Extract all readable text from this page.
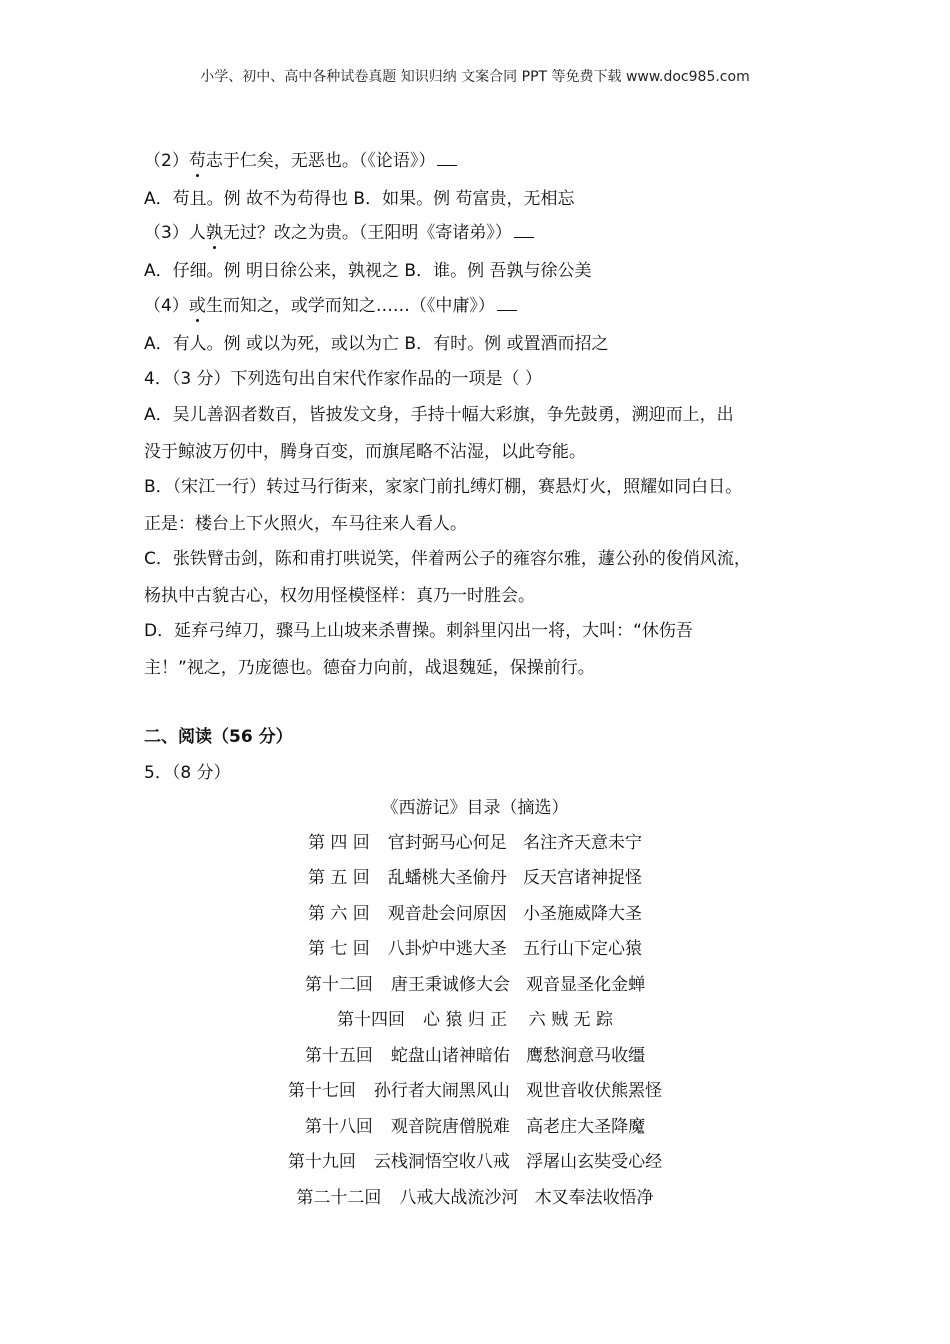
小学、初中、高中各种试卷真题 知识归纳 文案合同 PPT 等免费下载 www.doc985.com
（2）苟志于仁矣，无恶也。（《论语》）
A．苟且。例 故不为苟得也 B．如果。例 苟富贵，无相忘
（3）人孰无过？改之为贵。（王阳明《寄诸弟》）
A．仔细。例 明日徐公来，孰视之 B．谁。例 吾孰与徐公美
（4）或生而知之，或学而知之……（《中庸》）
A．有人。例 或以为死，或以为亡 B．有时。例 或置酒而招之
4．（3 分）下列选句出自宋代作家作品的一项是（ ）
A．吴儿善泅者数百，皆披发文身，手持十幅大彩旗，争先鼓勇，溯迎而上，出
没于鲸波万仞中，腾身百变，而旗尾略不沾湿，以此夸能。
B．（宋江一行）转过马行街来，家家门前扎缚灯棚，赛悬灯火，照耀如同白日。
正是：楼台上下火照火，车马往来人看人。
C．张铁臂击剑，陈和甫打哄说笑，伴着两公子的雍容尔雅，蘧公孙的俊俏风流，
杨执中古貌古心，权勿用怪模怪样：真乃一时胜会。
D．延弃弓绰刀，骤马上山坡来杀曹操。刺斜里闪出一将，大叫：“休伤吾
主！”视之，乃庞德也。德奋力向前，战退魏延，保操前行。
二、阅读（56 分）
5．（8 分）
《西游记》目录（摘选）
第 四 回 官封弼马心何足   名注齐天意未宁
第 五 回 乱蟠桃大圣偷丹   反天宫诸神捉怪
第 六 回 观音赴会问原因   小圣施威降大圣
第 七 回 八卦炉中逃大圣   五行山下定心猿
第十二回 唐王秉诚修大会   观音显圣化金蝉
第十四回 心 猿 归 正    六 贼 无 踪
第十五回 蛇盘山诸神暗佑   鹰愁涧意马收缰
第十七回 孙行者大闹黑风山   观世音收伏熊罴怪
第十八回 观音院唐僧脱难   高老庄大圣降魔
第十九回 云栈洞悟空收八戒   浮屠山玄奘受心经
第二十二回 八戒大战流沙河   木叉奉法收悟净
